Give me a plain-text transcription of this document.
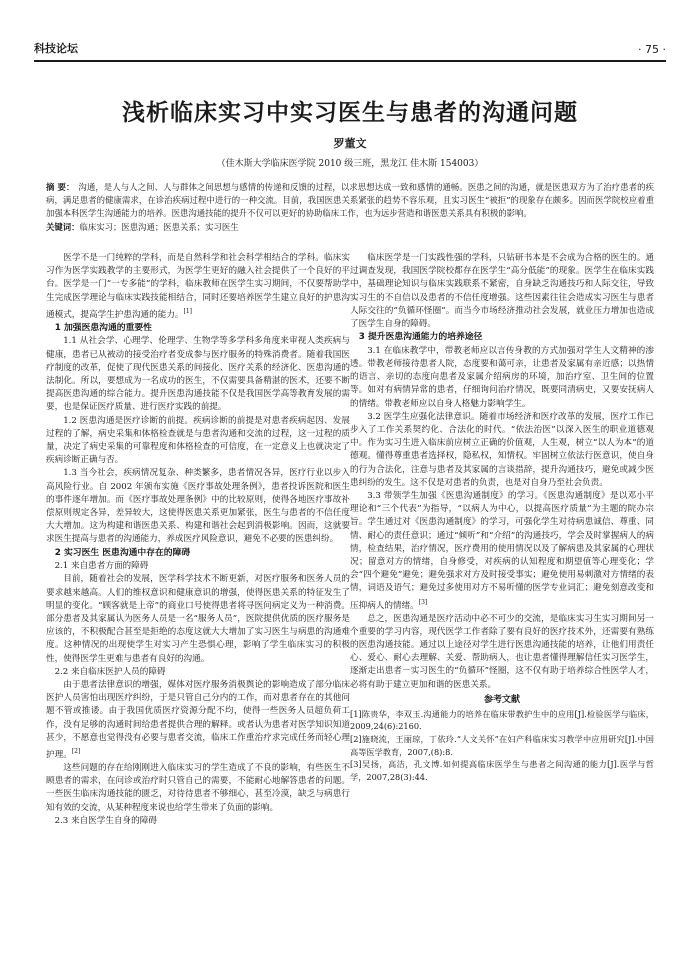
科技论坛	· 75 ·
浅析临床实习中实习医生与患者的沟通问题
罗董文
（佳木斯大学临床医学院 2010 级三班，黑龙江 佳木斯 154003）
摘 要： 沟通，是人与人之间、人与群体之间思想与感情的传递和反馈的过程，以求思想达成一致和感情的通畅。医患之间的沟通，就是医患双方为了治疗患者的疾病，满足患者的健康需求，在诊治疾病过程中进行的一种交流。目前，我国医患关系紧张的趋势不容乐观，且实习医生“被拒”的现象存在颇多。因而医学院校应着重加强本科医学生沟通能力的培养。医患沟通技能的提升不仅可以更好的协助临床工作，也为远步营造和谐医患关系具有积极的影响。
关键词：临床实习；医患沟通；医患关系；实习医生

医学不是一门纯粹的学科，而是自然科学和社会科学相结合的学科。临床实习作为医学实践教学的主要形式，为医学生更好的融入社会提供了一个良好的平台。医学是一门“一专多能”的学科，临床教师在医学生实习期间，不仅要帮助学生完成医学理论与临床实践技能相结合，同时还要培养医学生建立良好的护患沟通模式，提高学生护患沟通的能力。[1]

1 加强医患沟通的重要性

1.1 从社会学、心理学、伦理学、生物学等多学科多角度来审视人类疾病与健康，患者已从被动的接受治疗者变成参与医疗服务的特殊消费者。随着我国医疗制度的改革，促使了现代医患关系的间接化、医疗关系的经济化、医患沟通的法制化。所以，要想成为一名成功的医生，不仅需要具备精湛的医术，还要不断提高医患沟通的综合能力。提升医患沟通技能不仅是我国医学高等教育发展的需要，也是保证医疗质量、进行医疗实践的前提。

1.2 医患沟通是医疗诊断的前提。疾病诊断的前提是对患者疾病起因、发展过程的了解，病史采集和体格检查就是与患者沟通和交流的过程，这一过程的质量，决定了病史采集的可靠程度和体格检查的可信度，在一定意义上也就决定了疾病诊断正确与否。

1.3 当今社会，疾病情况复杂、种类繁多，患者情况各异，医疗行业以步入高风险行业。自 2002 年颁布实施《医疗事故处理条例》，患者投诉医院和医生的事件逐年增加。而《医疗事故处理条例》中的比较原则，使得各地医疗事故补偿原则规定各异，差异较大，这使得医患关系更加紧张，医生与患者的不信任度大大增加。这为构建和谐医患关系、构建和谐社会起到消极影响。因而，这就要求医生提高与患者的沟通能力，养成医疗风险意识，避免不必要的医患纠纷。

2 实习医生 医患沟通中存在的障碍

2.1 来自患者方面的障碍

目前，随着社会的发展，医学科学技术不断更新，对医疗服务和医务人员的要求越来越高。人们的维权意识和健康意识的增强，使得医患关系的特征发生了明显的变化。“顾客就是上帝”的商业口号使得患者将寻医问病定义为一种消费。部分患者及其家属认为医务人员是一名“服务人员”，医院提供优质的医疗服务是应该的，不积极配合甚至是拒绝的态度这就大大增加了实习医生与病患的沟通难度。这种情况的出现使学生对实习产生恐惧心理，影响了学生临床实习的积极性，使得医学生更难与患者有良好的沟通。

2.2 来自临床医护人员的障碍

由于患者法律意识的增强，媒体对医疗服务消极舆论的影响造成了部分临床医护人员害怕出现医疗纠纷，于是只管自己分内的工作，而对患者存在的其他问题不管或推诿。由于我国优质医疗资源分配不均，使得一些医务人员超负荷工作，没有足够的沟通时间给患者提供合理的解释。或者认为患者对医学知识知道甚少，不愿意也觉得没有必要与患者交流，临床工作重治疗求完成任务而轻心理护理。[2]

这些问题的存在给刚刚进入临床实习的学生造成了不良的影响，有些医生不顾患者的需求，在问诊或治疗时只管自己的需要，不能耐心地解答患者的问题。一些医生临床沟通技能的匮乏，对待待患者不够细心，甚至冷漠，缺乏与病患行知有效的交流，从某种程度来说也给学生带来了负面的影响。

2.3 来自医学生自身的障碍

临床医学是一门实践性强的学科，只钻研书本是不会成为合格的医生的。通过调查发现，我国医学院校都存在医学生“高分低能”的现象。医学生在临床实践中，基础理论知识与临床实践联系不紧密，自身缺乏沟通技巧和人际交往，导致实习生的不自信以及患者的不信任度增强。这些因素往往会造成实习医生与患者人际交往的“负循环怪圈”。而当今市场经济推动社会发展，就业压力增加也造成了医学生自身的障碍。

3 提升医患沟通能力的培养途径

3.1 在临床教学中，带教老师应以言传身教的方式加强对学生人文精神的渗透。带教老师接待患者人院，态度要和蔼可亲，让患者及家属有亲近感；以热情的语言、亲切的态度向患者及家属介绍病房的环境，加治疗室、卫生间的位置等。如对有病情异常的患者，仔细询问治疗情况，既要同清病史，又要安抚病人的情绪。带教老师应以自身人格魅力影响学生。

3.2 医学生应强化法律意识。随着市场经济和医疗改革的发展，医疗工作已步入了工作关系契约化、合法化的时代。“依法治医”以深入医生的职业道德观中。作为实习生进入临床前应树立正确的价值观，人生观，树立“以人为本”的道德观。懂得尊重患者选择权，隐私权，知情权。牢固树立依法行医意识，使自身的行为合法化，注意与患者及其家属的言谈措辞，提升沟通技巧，避免或减少医患纠纷的发生。这不仅是对患者的负责，也是对自身乃至社会负责。

3.3 带领学生加强《医患沟通制度》的学习。《医患沟通制度》是以邓小平理论和“三个代表”为指导，“以病人为中心，以提高医疗质量”为主题的院办宗旨。学生通过对《医患沟通制度》的学习，可强化学生对待病患诚信、尊重、同情、耐心的责任意识；通过“倾听”和“介绍”的沟通技巧，学会及时掌握病人的病情，检查结果，治疗情况，医疗费用的使用情况以及了解病患及其家属的心理状况；留意对方的情绪，自身修受，对疾病的认知程度和期望值等心理变化；学会“四个避免”避免；避免强求对方及时接受事实；避免使用易刺激对方情绪的表情，词语及语气；避免过多使用对方不易听懂的医学专业词汇；避免刻意改变和压抑病人的情绪。[3]

总之，医患沟通是医疗活动中必不可少的交流，是临床实习生实习期间另一个重要的学习内容，现代医学工作者除了要有良好的医疗技术外，还需要有熟练的医患沟通技能。通过以上途径对学生进行医患沟通技能的培养，让他们用责任心、爱心、耐心去理解、关爱、帮助病人，也让患者懂得理解信任实习医学生，逐渐走出患者－实习医生的“负循环”怪圈，这不仅有助于培养综合性医学人才，必将有助于建立更加和谐的医患关系。

参考文献

[1]陈贵华，李双玉.沟通能力的培养在临床带教护生中的应用[J].检验医学与临床，2009,24(6):2160.

[2]施晓流，王丽琼，丁依玲.“人文关怀”在妇产科临床实习教学中应用研究[J].中国高等医学教育，2007,(8):8.

[3]吴扬，高洁，孔文博.如何提高临床医学生与患者之间沟通的能力[J].医学与哲学，2007,28(3):44.
